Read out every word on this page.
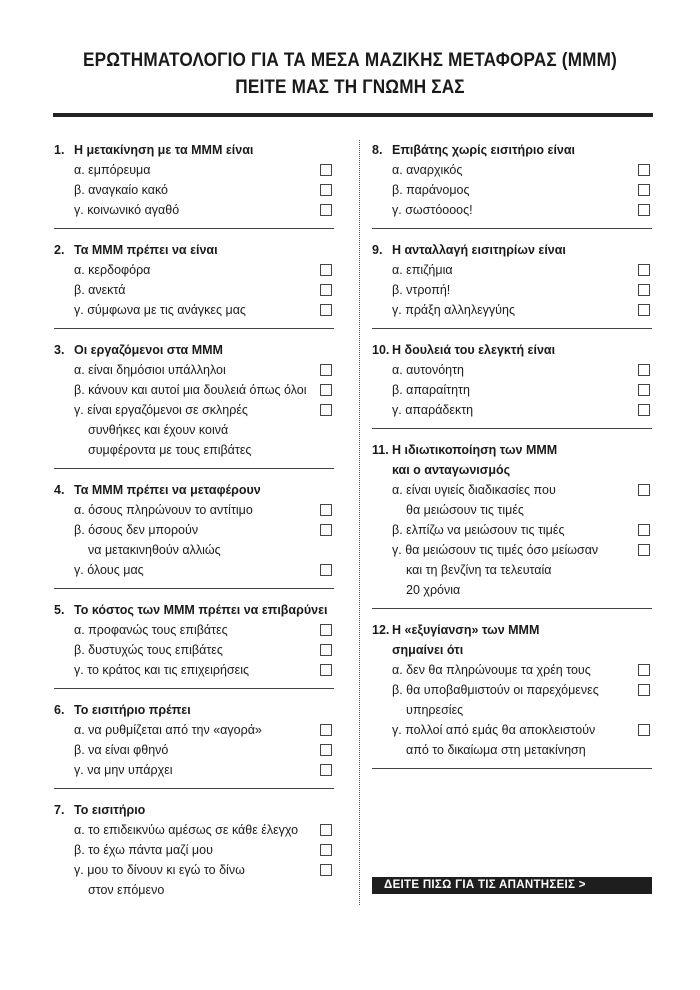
ΕΡΩΤΗΜΑΤΟΛΟΓΙΟ ΓΙΑ ΤΑ ΜΕΣΑ ΜΑΖΙΚΗΣ ΜΕΤΑΦΟΡΑΣ (ΜΜΜ)
ΠΕΙΤΕ ΜΑΣ ΤΗ ΓΝΩΜΗ ΣΑΣ
1. Η μετακίνηση με τα ΜΜΜ είναι
α. εμπόρευμα
β. αναγκαίο κακό
γ. κοινωνικό αγαθό
2. Τα ΜΜΜ πρέπει να είναι
α. κερδοφόρα
β. ανεκτά
γ. σύμφωνα με τις ανάγκες μας
3. Οι εργαζόμενοι στα ΜΜΜ
α. είναι δημόσιοι υπάλληλοι
β. κάνουν και αυτοί μια δουλειά όπως όλοι
γ. είναι εργαζόμενοι σε σκληρές
συνθήκες και έχουν κοινά
συμφέροντα με τους επιβάτες
4. Τα ΜΜΜ πρέπει να μεταφέρουν
α. όσους πληρώνουν το αντίτιμο
β. όσους δεν μπορούν
να μετακινηθούν αλλιώς
γ. όλους μας
5. Το κόστος των ΜΜΜ πρέπει να επιβαρύνει
α. προφανώς τους επιβάτες
β. δυστυχώς τους επιβάτες
γ. το κράτος και τις επιχειρήσεις
6. Το εισιτήριο πρέπει
α. να ρυθμίζεται από την «αγορά»
β. να είναι φθηνό
γ. να μην υπάρχει
7. Το εισιτήριο
α. το επιδεικνύω αμέσως σε κάθε έλεγχο
β. το έχω πάντα μαζί μου
γ. μου το δίνουν κι εγώ το δίνω
στον επόμενο
8. Επιβάτης χωρίς εισιτήριο είναι
α. αναρχικός
β. παράνομος
γ. σωστόοοος!
9. Η ανταλλαγή εισιτηρίων είναι
α. επιζήμια
β. ντροπή!
γ. πράξη αλληλεγγύης
10. Η δουλειά του ελεγκτή είναι
α. αυτονόητη
β. απαραίτητη
γ. απαράδεκτη
11. Η ιδιωτικοποίηση των ΜΜΜ
και ο ανταγωνισμός
α. είναι υγιείς διαδικασίες που
θα μειώσουν τις τιμές
β. ελπίζω να μειώσουν τις τιμές
γ. θα μειώσουν τις τιμές όσο μείωσαν
και τη βενζίνη τα τελευταία
20 χρόνια
12. Η «εξυγίανση» των ΜΜΜ
σημαίνει ότι
α. δεν θα πληρώνουμε τα χρέη τους
β. θα υποβαθμιστούν οι παρεχόμενες
υπηρεσίες
γ. πολλοί από εμάς θα αποκλειστούν
από το δικαίωμα στη μετακίνηση
ΔΕΙΤΕ ΠΙΣΩ ΓΙΑ ΤΙΣ ΑΠΑΝΤΗΣΕΙΣ >
